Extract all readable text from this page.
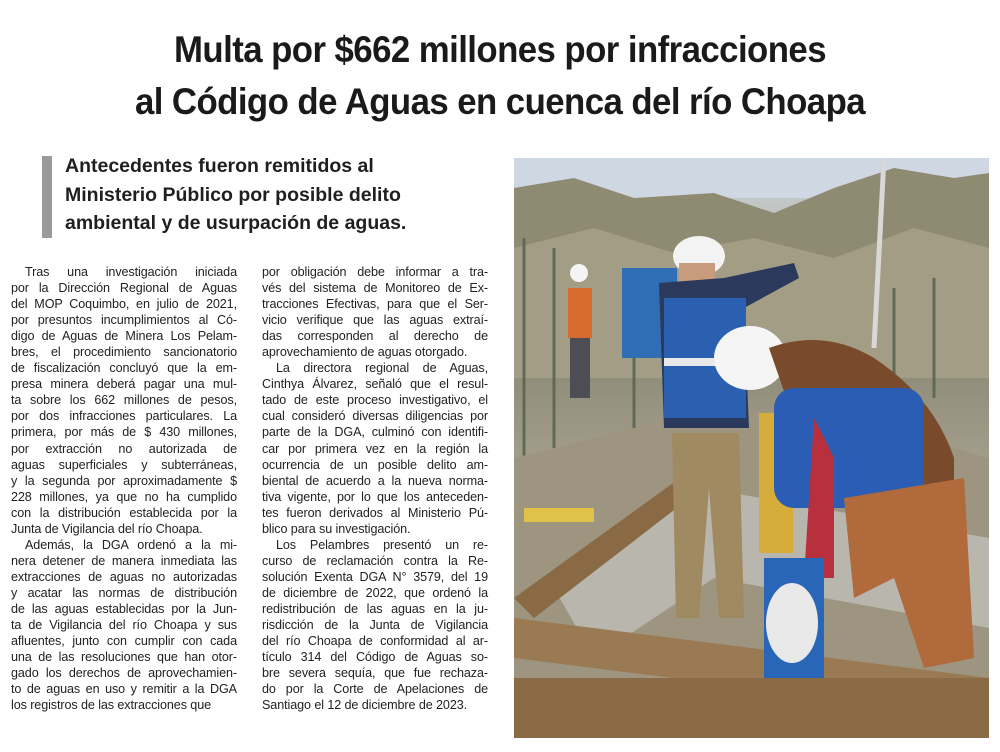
Multa por $662 millones por infracciones
al Código de Aguas en cuenca del río Choapa
Antecedentes fueron remitidos al
Ministerio Público por posible delito
ambiental y de usurpación de aguas.
Tras una investigación iniciada
por la Dirección Regional de Aguas
del MOP Coquimbo, en julio de 2021,
por presuntos incumplimientos al Có-
digo de Aguas de Minera Los Pelam-
bres, el procedimiento sancionatorio
de fiscalización concluyó que la em-
presa minera deberá pagar una mul-
ta sobre los 662 millones de pesos,
por dos infracciones particulares. La
primera, por más de $ 430 millones,
por extracción no autorizada de
aguas superficiales y subterráneas,
y la segunda por aproximadamente $
228 millones, ya que no ha cumplido
con la distribución establecida por la
Junta de Vigilancia del río Choapa.
Además, la DGA ordenó a la mi-
nera detener de manera inmediata las
extracciones de aguas no autorizadas
y acatar las normas de distribución
de las aguas establecidas por la Jun-
ta de Vigilancia del río Choapa y sus
afluentes, junto con cumplir con cada
una de las resoluciones que han otor-
gado los derechos de aprovechamien-
to de aguas en uso y remitir a la DGA
los registros de las extracciones que
por obligación debe informar a tra-
vés del sistema de Monitoreo de Ex-
tracciones Efectivas, para que el Ser-
vicio verifique que las aguas extraí-
das corresponden al derecho de
aprovechamiento de aguas otorgado.
La directora regional de Aguas,
Cinthya Álvarez, señaló que el resul-
tado de este proceso investigativo, el
cual consideró diversas diligencias por
parte de la DGA, culminó con identifi-
car por primera vez en la región la
ocurrencia de un posible delito am-
biental de acuerdo a la nueva norma-
tiva vigente, por lo que los anteceden-
tes fueron derivados al Ministerio Pú-
blico para su investigación.
Los Pelambres presentó un re-
curso de reclamación contra la Re-
solución Exenta DGA N° 3579, del 19
de diciembre de 2022, que ordenó la
redistribución de las aguas en la ju-
risdicción de la Junta de Vigilancia
del río Choapa de conformidad al ar-
tículo 314 del Código de Aguas so-
bre severa sequía, que fue rechaza-
do por la Corte de Apelaciones de
Santiago el 12 de diciembre de 2023.
